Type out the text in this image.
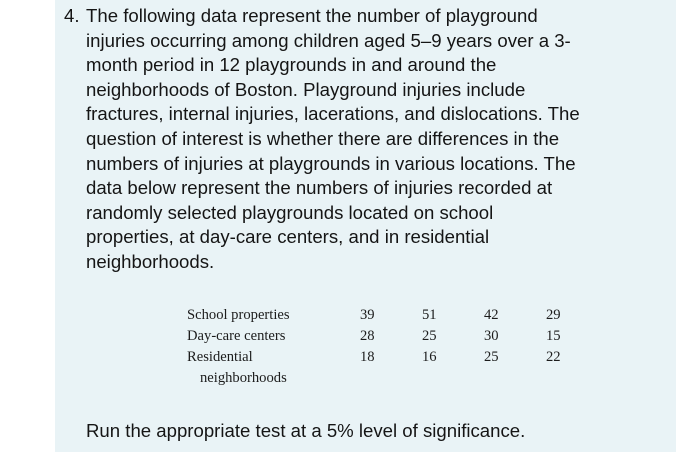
4. The following data represent the number of playground
injuries occurring among children aged 5–9 years over a 3-
month period in 12 playgrounds in and around the
neighborhoods of Boston. Playground injuries include
fractures, internal injuries, lacerations, and dislocations. The
question of interest is whether there are differences in the
numbers of injuries at playgrounds in various locations. The
data below represent the numbers of injuries recorded at
randomly selected playgrounds located on school
properties, at day-care centers, and in residential
neighborhoods.
School properties	39	51	42	29
Day-care centers	28	25	30	15
Residential	18	16	25	22
neighborhoods				
Run the appropriate test at a 5% level of significance.
